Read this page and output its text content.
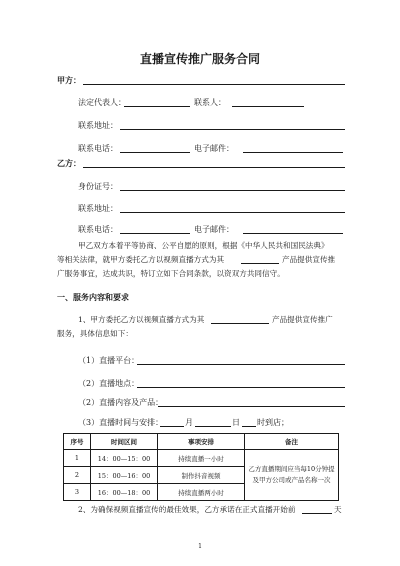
直播宣传推广服务合同
甲方：
法定代表人：	联系人：
联系地址：
联系电话：	电子邮件：
乙方：
身份证号：
联系地址：
联系电话：	电子邮件：
甲乙双方本着平等协商、公平自愿的原则，根据《中华人民共和国民法典》
等相关法律，就甲方委托乙方以视频直播方式为其	产品提供宣传推
广服务事宜，达成共识，特订立如下合同条款，以资双方共同信守。
一、服务内容和要求
1、甲方委托乙方以视频直播方式为其	产品提供宣传推广
服务，具体信息如下：
（1）直播平台：
（2）直播地点：
（2）直播内容及产品：
（3）直播时间与安排：	月	日 时到店；
序号	时间区间	事项安排	备注
1	14：00—15：00	持续直播一小时	乙方直播期间应当每10分钟提及甲方公司或产品名称一次
2	15：00—16：00	制作抖音视频	
3	16：00—18：00	持续直播两小时	
2、为确保视频直播宣传的最佳效果，乙方承诺在正式直播开始前	天
1
